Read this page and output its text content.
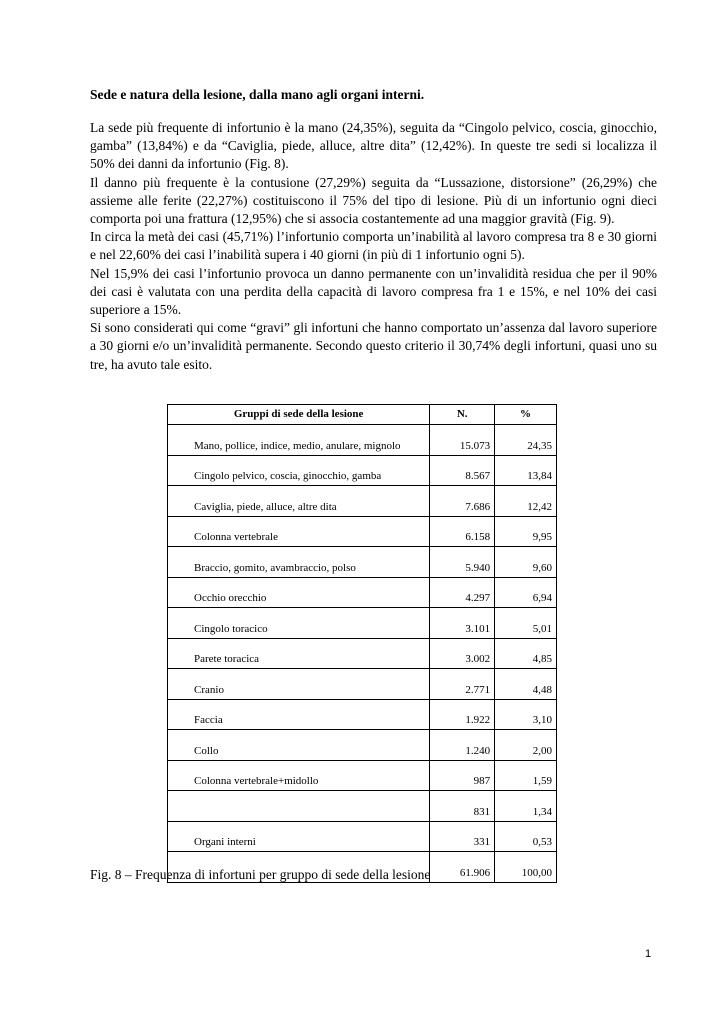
Sede e natura della lesione, dalla mano agli organi interni.

La sede più frequente di infortunio è la mano (24,35%), seguita da “Cingolo pelvico, coscia, ginocchio, gamba” (13,84%) e da “Caviglia, piede, alluce, altre dita” (12,42%). In queste tre sedi si localizza il 50% dei danni da infortunio (Fig. 8).

Il danno più frequente è la contusione (27,29%) seguita da “Lussazione, distorsione” (26,29%) che assieme alle ferite (22,27%) costituiscono il 75% del tipo di lesione. Più di un infortunio ogni dieci comporta poi una frattura (12,95%) che si associa costantemente ad una maggior gravità (Fig. 9).

In circa la metà dei casi (45,71%) l’infortunio comporta un’inabilità al lavoro compresa tra 8 e 30 giorni e nel 22,60% dei casi l’inabilità supera i 40 giorni (in più di 1 infortunio ogni 5).

Nel 15,9% dei casi l’infortunio provoca un danno permanente con un’invalidità residua che per il 90% dei casi è valutata con una perdita della capacità di lavoro compresa fra 1 e 15%, e nel 10% dei casi superiore a 15%.

Si sono considerati qui come “gravi” gli infortuni che hanno comportato un’assenza dal lavoro superiore a 30 giorni e/o un’invalidità permanente. Secondo questo criterio il 30,74% degli infortuni, quasi uno su tre, ha avuto tale esito.

Gruppi di sede della lesione	N.	%
Mano, pollice, indice, medio, anulare, mignolo	15.073	24,35
Cingolo pelvico, coscia, ginocchio, gamba	8.567	13,84
Caviglia, piede, alluce, altre dita	7.686	12,42
Colonna vertebrale	6.158	9,95
Braccio, gomito, avambraccio, polso	5.940	9,60
Occhio orecchio	4.297	6,94
Cingolo toracico	3.101	5,01
Parete toracica	3.002	4,85
Cranio	2.771	4,48
Faccia	1.922	3,10
Collo	1.240	2,00
Colonna vertebrale+midollo	987	1,59
	831	1,34
Organi interni	331	0,53
	61.906	100,00
Fig. 8 – Frequenza di infortuni per gruppo di sede della lesione
1
